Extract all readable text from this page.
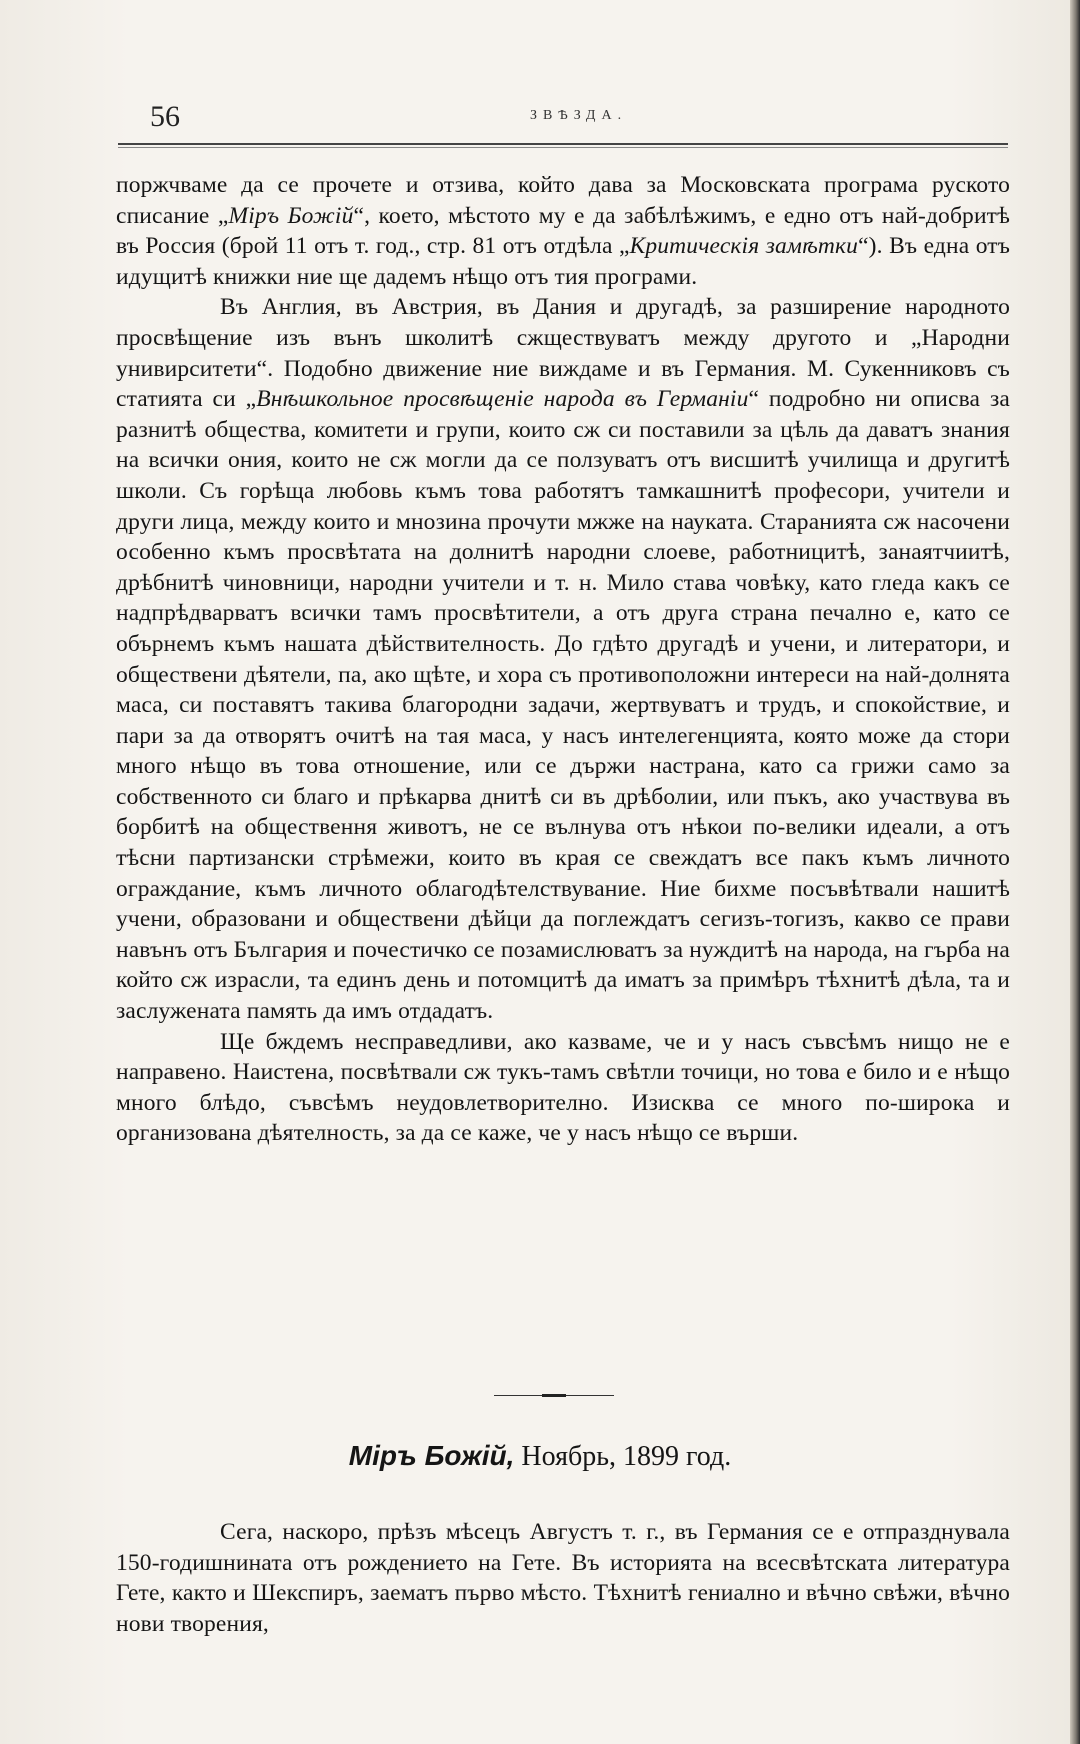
56	ЗВѢЗДА.

поржчваме да се прочете и отзива, който дава за Московската програма руското списание „Міръ Божій“, което, мѣстото му е да забѣлѣжимъ, е едно отъ най-добритѣ въ Россия (брой 11 отъ т. год., стр. 81 отъ отдѣла „Критическія замѣтки“). Въ една отъ идущитѣ книжки ние ще дадемъ нѣщо отъ тия програми.

Въ Англия, въ Австрия, въ Дания и другадѣ, за разширение народното просвѣщение изъ вънъ школитѣ сжществуватъ между другото и „Народни унивирситети“. Подобно движение ние виждаме и въ Германия. М. Сукенниковъ съ статията си „Внѣшкольное просвѣщеніе народа въ Германіи“ подробно ни описва за разнитѣ общества, комитети и групи, които сж си поставили за цѣль да даватъ знания на всички ония, които не сж могли да се ползуватъ отъ висшитѣ училища и другитѣ школи. Съ горѣща любовь къмъ това работятъ тамкашнитѣ професори, учители и други лица, между които и мнозина прочути мжже на науката. Старанията сж насочени особенно къмъ просвѣтата на долнитѣ народни слоеве, работницитѣ, занаятчиитѣ, дрѣбнитѣ чиновници, народни учители и т. н. Мило става човѣку, като гледа какъ се надпрѣдварватъ всички тамъ просвѣтители, а отъ друга страна печално е, като се обърнемъ къмъ нашата дѣйствителность. До гдѣто другадѣ и учени, и литератори, и обществени дѣятели, па, ако щѣте, и хора съ противоположни интереси на най-долнята маса, си поставятъ такива благородни задачи, жертвуватъ и трудъ, и спокойствие, и пари за да отворятъ очитѣ на тая маса, у насъ интелегенцията, която може да стори много нѣщо въ това отношение, или се държи настрана, като са грижи само за собственното си благо и прѣкарва днитѣ си въ дрѣболии, или пъкъ, ако участвува въ борбитѣ на обществення животъ, не се вълнува отъ нѣкои по-велики идеали, а отъ тѣсни партизански стрѣмежи, които въ края се свеждатъ все пакъ къмъ личното ограждание, къмъ личното облагодѣтелствувание. Ние бихме посъвѣтвали нашитѣ учени, образовани и обществени дѣйци да поглеждатъ сегизъ-тогизъ, какво се прави навънъ отъ България и почестичко се позамислюватъ за нуждитѣ на народа, на гърба на който сж израсли, та единъ день и потомцитѣ да иматъ за примѣръ тѣхнитѣ дѣла, та и заслужената память да имъ отдадатъ.

Ще бждемъ несправедливи, ако казваме, че и у насъ съвсѣмъ нищо не е направено. Наистена, посвѣтвали сж тукъ-тамъ свѣтли точици, но това е било и е нѣщо много блѣдо, съвсѣмъ неудовлетворително. Изисква се много по-широка и организована дѣятелность, за да се каже, че у насъ нѣщо се върши.

Міръ Божій, Ноябрь, 1899 год.

Сега, наскоро, прѣзъ мѣсецъ Августъ т. г., въ Германия се е отпразднувала 150-годишнината отъ рождението на Гете. Въ историята на всесвѣтската литература Гете, както и Шекспиръ, заематъ първо мѣсто. Тѣхнитѣ гениално и вѣчно свѣжи, вѣчно нови творения,
